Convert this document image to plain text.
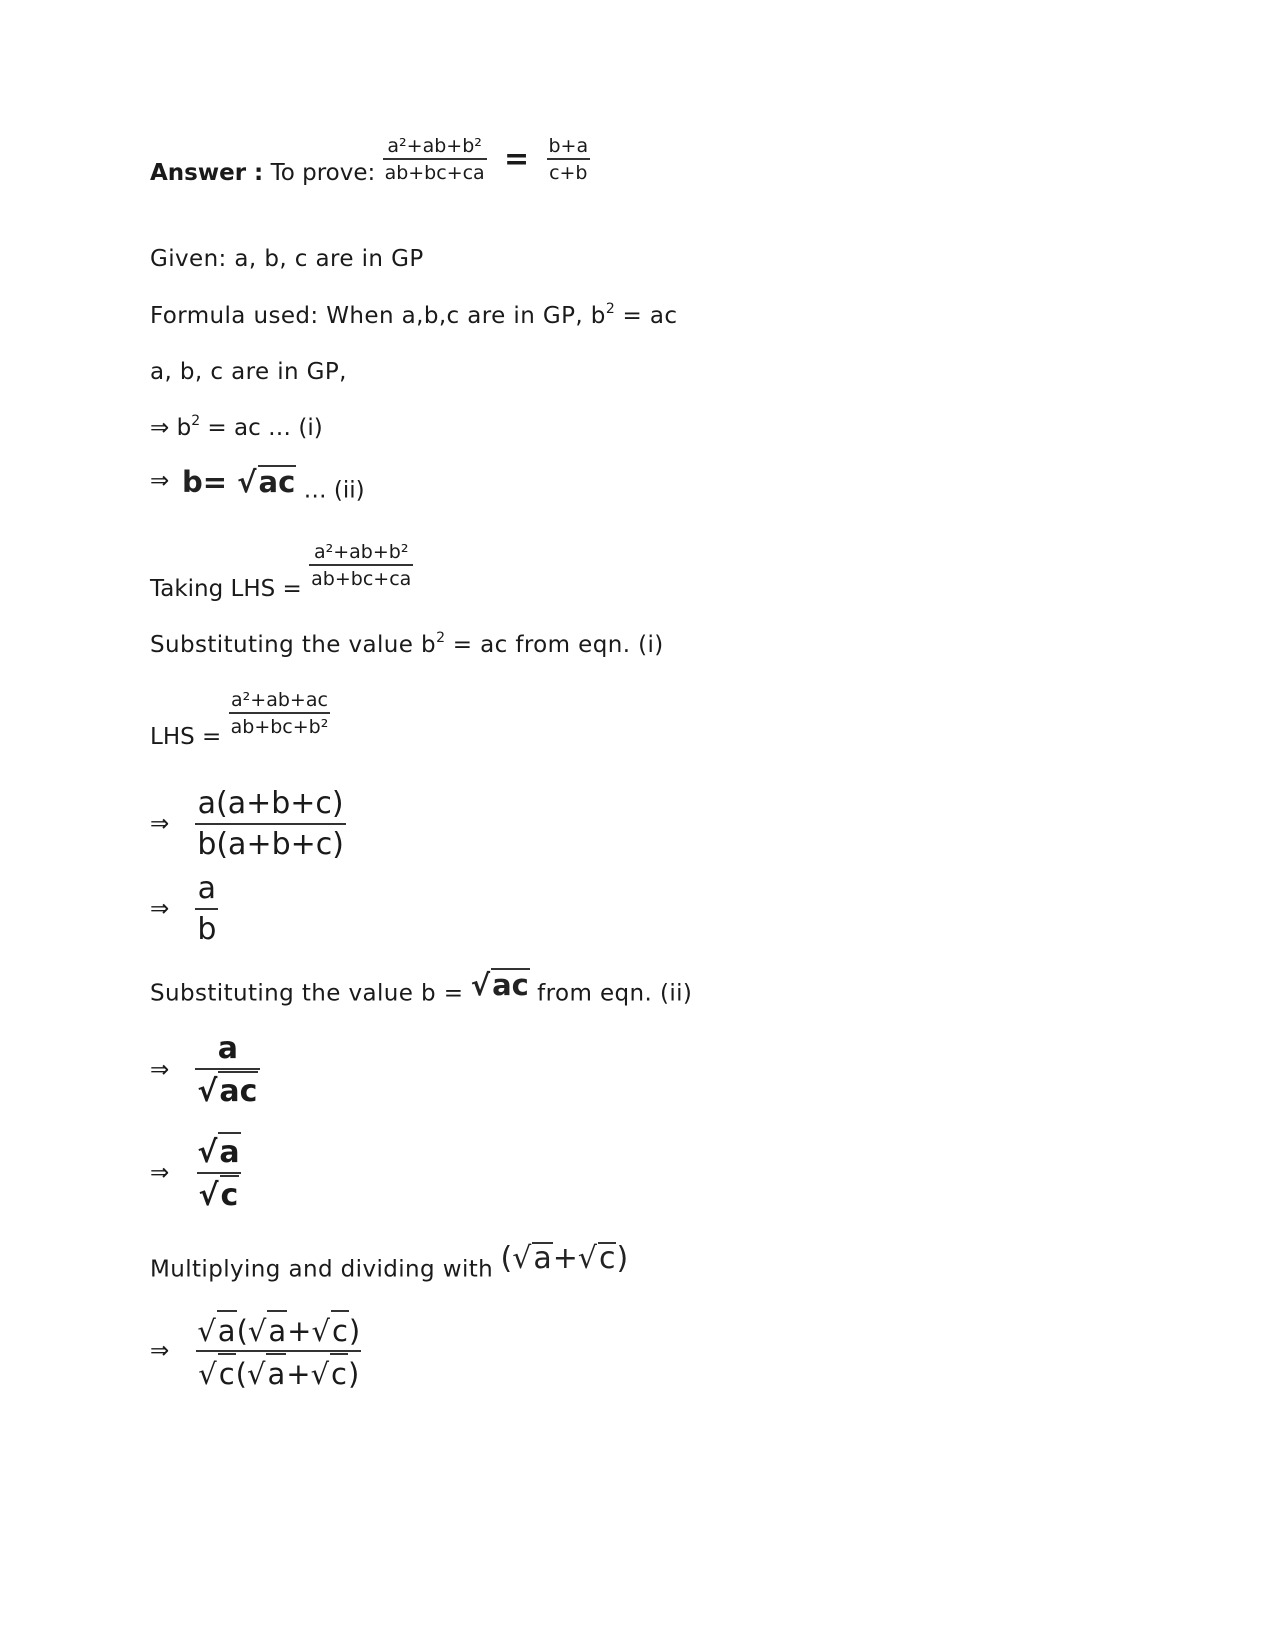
Answer : To prove: $\frac{\text{a²+ab+b²}}{ab+bc+ca} = \frac{b+a}{c+b}$
Given: a, b, c are in GP
Formula used: When a,b,c are in GP, $b^2$ = ac
a, b, c are in GP,
⇒ $b^2$ = ac … (i)
⇒ b= √ac … (ii)
Taking LHS = $\frac{\text{a²+ab+b²}}{ab+bc+ca}$
Substituting the value $b^2$ = ac from eqn. (i)
LHS = $\frac{\text{a²+ab+ac}}{\text{ab+bc+b²}}$
⇒ $\frac{a(a+b+c)}{b(a+b+c)}$
⇒ $\frac{a}{b}$
Substituting the value b = √ac from eqn. (ii)
⇒ $\frac{a}{√ac}$
⇒ $\frac{√a}{√c}$
Multiplying and dividing with (√a+√c)
⇒ $\frac{√a(√a+√c)}{√c(√a+√c)}$
